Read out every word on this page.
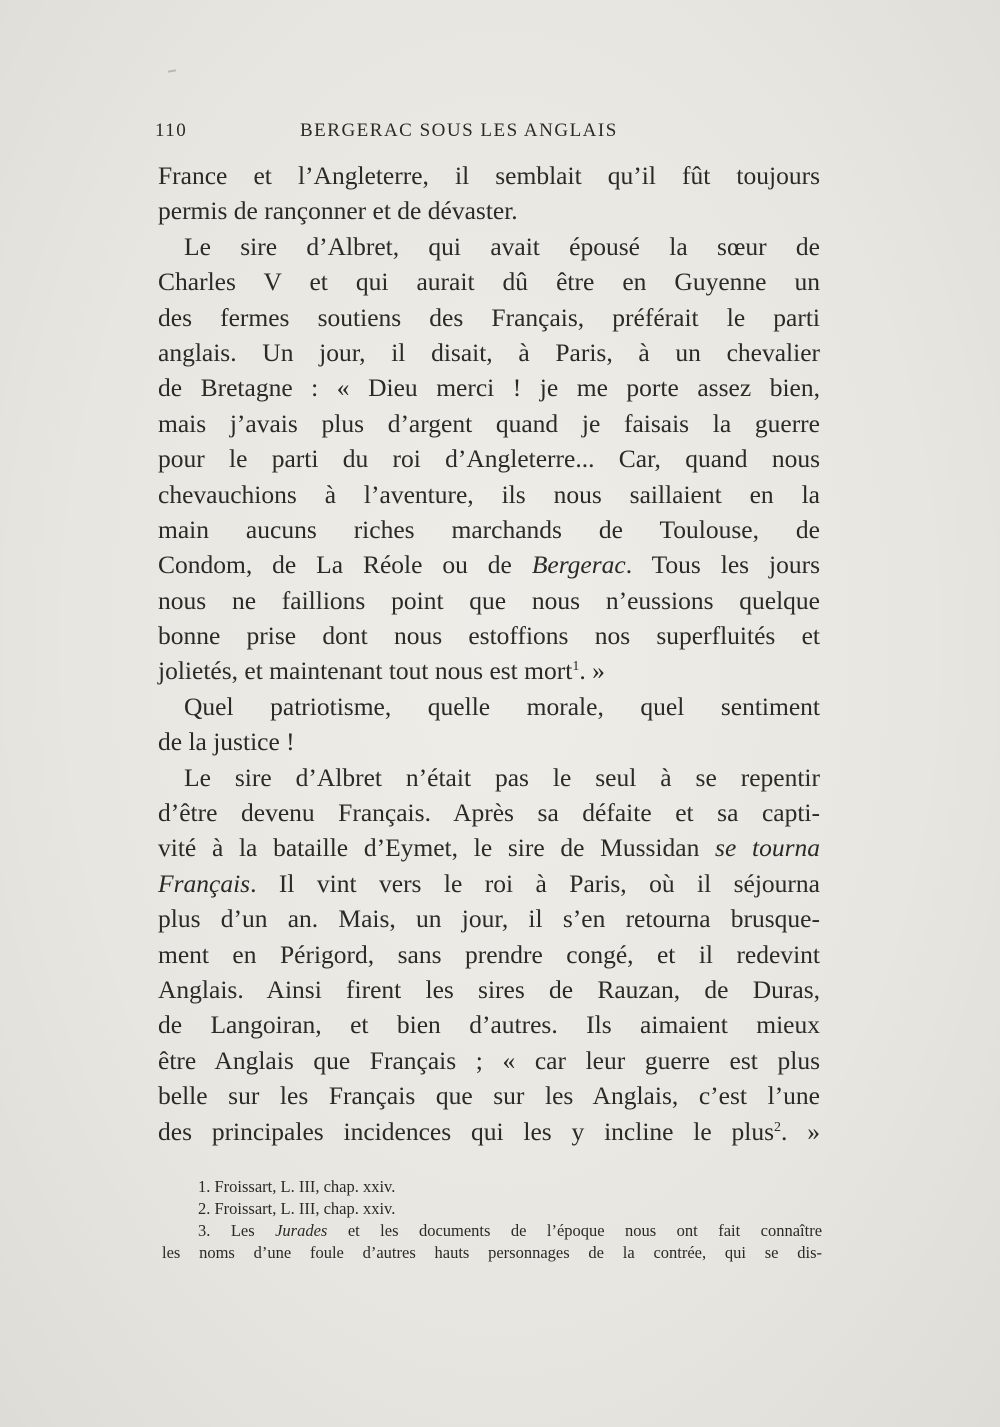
110	BERGERAC SOUS LES ANGLAIS
France et l’Angleterre, il semblait qu’il fût toujours
permis de rançonner et de dévaster.
Le sire d’Albret, qui avait épousé la sœur de
Charles V et qui aurait dû être en Guyenne un
des fermes soutiens des Français, préférait le parti
anglais. Un jour, il disait, à Paris, à un chevalier
de Bretagne : « Dieu merci ! je me porte assez bien,
mais j’avais plus d’argent quand je faisais la guerre
pour le parti du roi d’Angleterre... Car, quand nous
chevauchions à l’aventure, ils nous saillaient en la
main aucuns riches marchands de Toulouse, de
Condom, de La Réole ou de Bergerac. Tous les jours
nous ne faillions point que nous n’eussions quelque
bonne prise dont nous estoffions nos superfluités et
jolietés, et maintenant tout nous est mort$^1$. »
Quel patriotisme, quelle morale, quel sentiment
de la justice !
Le sire d’Albret n’était pas le seul à se repentir
d’être devenu Français. Après sa défaite et sa capti-
vité à la bataille d’Eymet, le sire de Mussidan se tourna
Français. Il vint vers le roi à Paris, où il séjourna
plus d’un an. Mais, un jour, il s’en retourna brusque-
ment en Périgord, sans prendre congé, et il redevint
Anglais. Ainsi firent les sires de Rauzan, de Duras,
de Langoiran, et bien d’autres. Ils aimaient mieux
être Anglais que Français ; « car leur guerre est plus
belle sur les Français que sur les Anglais, c’est l’une
des principales incidences qui les y incline le plus$^2$. »
1. Froissart, L. III, chap. xxiv.
2. Froissart, L. III, chap. xxiv.
3. Les Jurades et les documents de l’époque nous ont fait connaître
les noms d’une foule d’autres hauts personnages de la contrée, qui se dis-
